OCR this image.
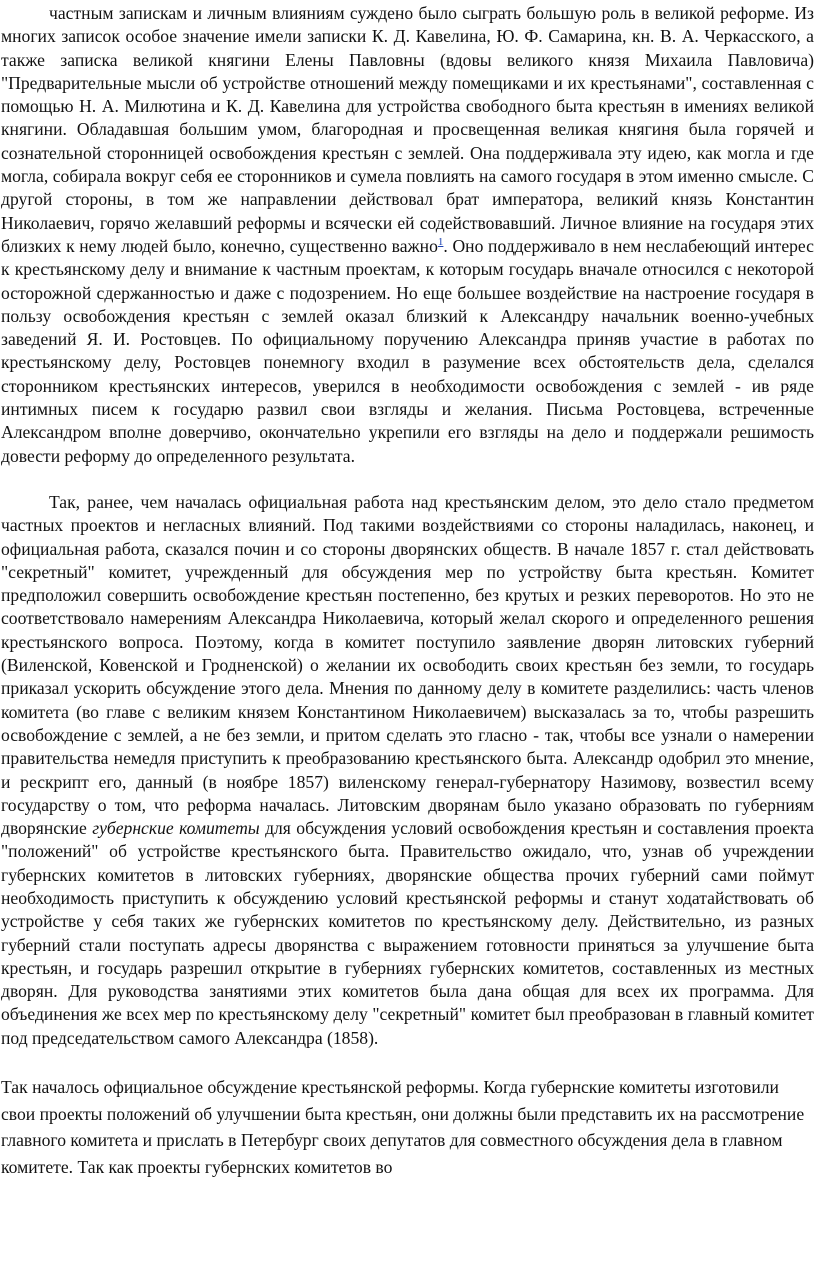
частным запискам и личным влияниям суждено было сыграть большую роль в великой реформе. Из многих записок особое значение имели записки К. Д. Кавелина, Ю. Ф. Самарина, кн. В. А. Черкасского, а также записка великой княгини Елены Павловны (вдовы великого князя Михаила Павловича) "Предварительные мысли об устройстве отношений между помещиками и их крестьянами", составленная с помощью Н. А. Милютина и К. Д. Кавелина для устройства свободного быта крестьян в имениях великой княгини. Обладавшая большим умом, благородная и просвещенная великая княгиня была горячей и сознательной сторонницей освобождения крестьян с землей. Она поддерживала эту идею, как могла и где могла, собирала вокруг себя ее сторонников и сумела повлиять на самого государя в этом именно смысле. С другой стороны, в том же направлении действовал брат императора, великий князь Константин Николаевич, горячо желавший реформы и всячески ей содействовавший. Личное влияние на государя этих близких к нему людей было, конечно, существенно важно$^1$. Оно поддерживало в нем неслабеющий интерес к крестьянскому делу и внимание к частным проектам, к которым государь вначале относился с некоторой осторожной сдержанностью и даже с подозрением. Но еще большее воздействие на настроение государя в пользу освобождения крестьян с землей оказал близкий к Александру начальник военно-учебных заведений Я. И. Ростовцев. По официальному поручению Александра приняв участие в работах по крестьянскому делу, Ростовцев понемногу входил в разумение всех обстоятельств дела, сделался сторонником крестьянских интересов, уверился в необходимости освобождения с землей - ив ряде интимных писем к государю развил свои взгляды и желания. Письма Ростовцева, встреченные Александром вполне доверчиво, окончательно укрепили его взгляды на дело и поддержали решимость довести реформу до определенного результата.

Так, ранее, чем началась официальная работа над крестьянским делом, это дело стало предметом частных проектов и негласных влияний. Под такими воздействиями со стороны наладилась, наконец, и официальная работа, сказался почин и со стороны дворянских обществ. В начале 1857 г. стал действовать "секретный" комитет, учрежденный для обсуждения мер по устройству быта крестьян. Комитет предположил совершить освобождение крестьян постепенно, без крутых и резких переворотов. Но это не соответствовало намерениям Александра Николаевича, который желал скорого и определенного решения крестьянского вопроса. Поэтому, когда в комитет поступило заявление дворян литовских губерний (Виленской, Ковенской и Гродненской) о желании их освободить своих крестьян без земли, то государь приказал ускорить обсуждение этого дела. Мнения по данному делу в комитете разделились: часть членов комитета (во главе с великим князем Константином Николаевичем) высказалась за то, чтобы разрешить освобождение с землей, а не без земли, и притом сделать это гласно - так, чтобы все узнали о намерении правительства немедля приступить к преобразованию крестьянского быта. Александр одобрил это мнение, и рескрипт его, данный (в ноябре 1857) виленскому генерал-губернатору Назимову, возвестил всему государству о том, что реформа началась. Литовским дворянам было указано образовать по губерниям дворянские губернские комитеты для обсуждения условий освобождения крестьян и составления проекта "положений" об устройстве крестьянского быта. Правительство ожидало, что, узнав об учреждении губернских комитетов в литовских губерниях, дворянские общества прочих губерний сами поймут необходимость приступить к обсуждению условий крестьянской реформы и станут ходатайствовать об устройстве у себя таких же губернских комитетов по крестьянскому делу. Действительно, из разных губерний стали поступать адресы дворянства с выражением готовности приняться за улучшение быта крестьян, и государь разрешил открытие в губерниях губернских комитетов, составленных из местных дворян. Для руководства занятиями этих комитетов была дана общая для всех их программа. Для объединения же всех мер по крестьянскому делу "секретный" комитет был преобразован в главный комитет под председательством самого Александра (1858).

Так началось официальное обсуждение крестьянской реформы. Когда губернские комитеты изготовили свои проекты положений об улучшении быта крестьян, они должны были представить их на рассмотрение главного комитета и прислать в Петербург своих депутатов для совместного обсуждения дела в главном комитете. Так как проекты губернских комитетов во
